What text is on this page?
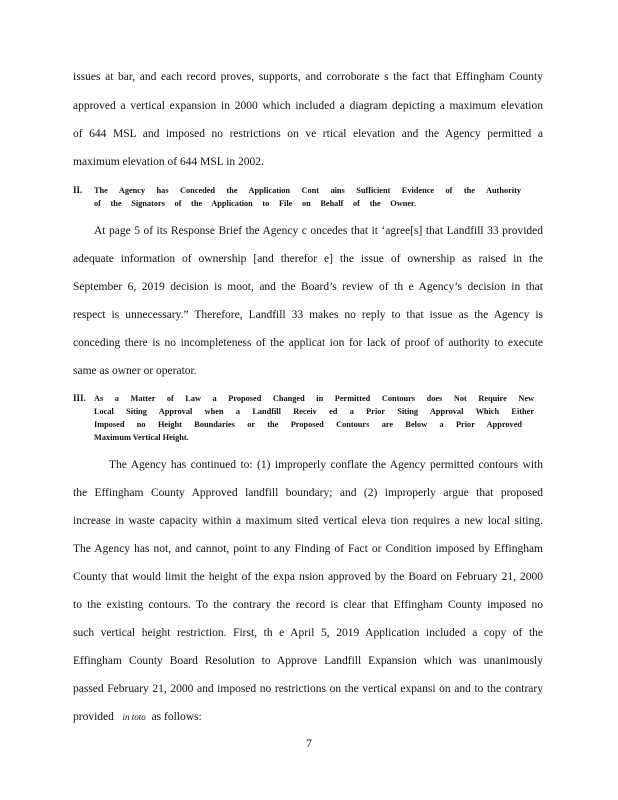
issues at bar, and each record proves, supports, and corroborate s the fact that Effingham County
approved a vertical expansion in 2000 which included a diagram depicting a maximum elevation
of 644 MSL and imposed no restrictions on ve rtical elevation and the Agency permitted a
maximum elevation of 644 MSL in 2002.
II. The Agency has Conceded the Application Cont ains Sufficient Evidence of the Authority
of the Signators of the Application to File on Behalf of the Owner.
At page 5 of its Response Brief the Agency c oncedes that it ‘agree[s] that Landfill 33 provided
adequate information of ownership [and therefor e] the issue of ownership as raised in the
September 6, 2019 decision is moot, and the Board’s review of th e Agency’s decision in that
respect is unnecessary.” Therefore, Landfill 33 makes no reply to that issue as the Agency is
conceding there is no incompleteness of the applicat ion for lack of proof of authority to execute
same as owner or operator.
III. As a Matter of Law a Proposed Changed in Permitted Contours does Not Require New
Local Siting Approval when a Landfill Receiv ed a Prior Siting Approval Which Either
Imposed no Height Boundaries or the Proposed Contours are Below a Prior Approved
Maximum Vertical Height.
The Agency has continued to: (1) improperly conflate the Agency permitted contours with
the Effingham County Approved landfill boundary; and (2) improperly argue that proposed
increase in waste capacity within a maximum sited vertical eleva tion requires a new local siting.
The Agency has not, and cannot, point to any Finding of Fact or Condition imposed by Effingham
County that would limit the height of the expa nsion approved by the Board on February 21, 2000
to the existing contours. To the contrary the record is clear that Effingham County imposed no
such vertical height restriction. First, th e April 5, 2019 Application included a copy of the
Effingham County Board Resolution to Approve Landfill Expansion which was unanimously
passed February 21, 2000 and imposed no restrictions on the vertical expansi on and to the contrary
provided in toto as follows:
7
